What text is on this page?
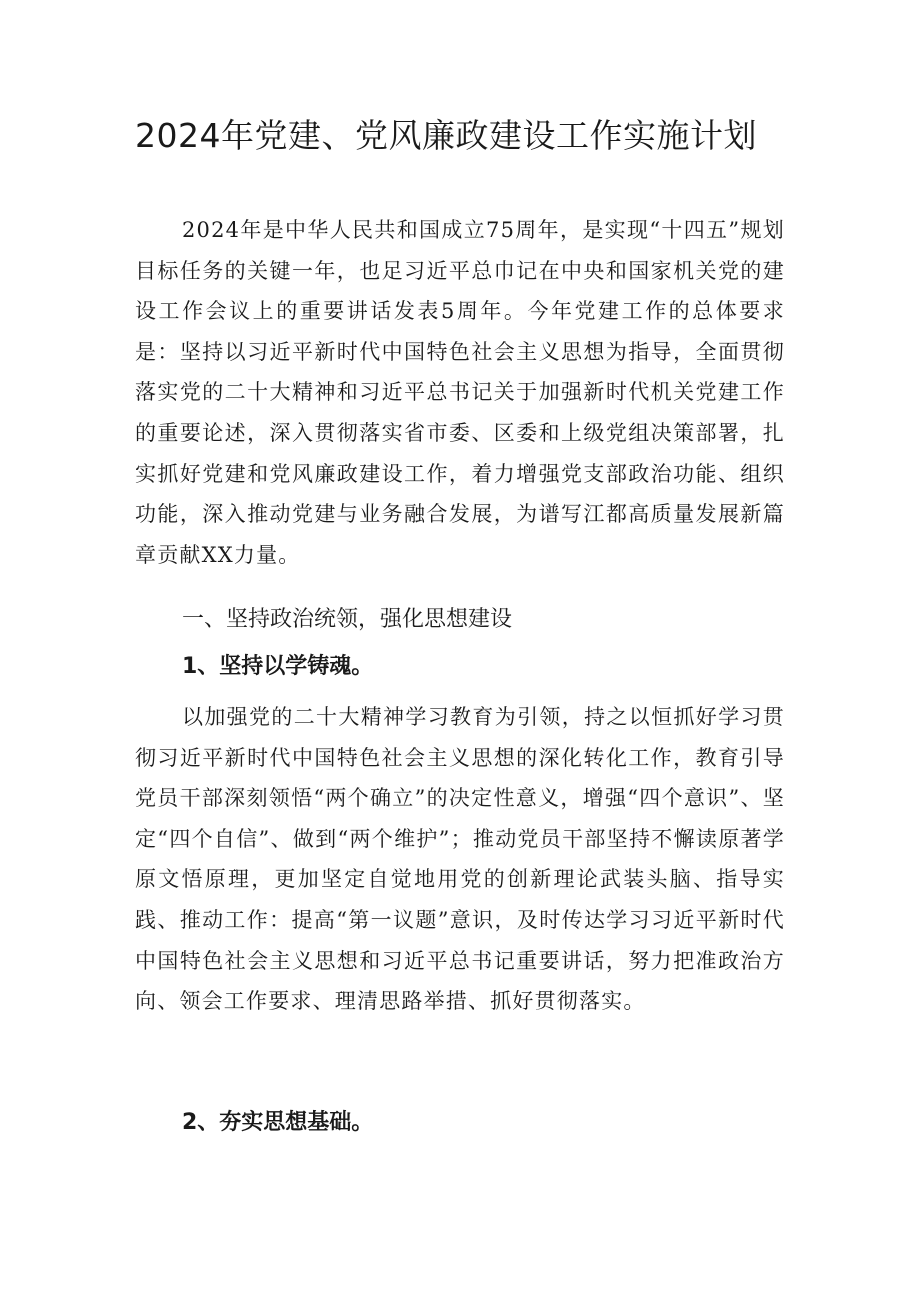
2024年党建、党风廉政建设工作实施计划

2024年是中华人民共和国成立75周年，是实现“十四五”规划目标任务的关键一年，也足习近平总巾记在中央和国家机关党的建设工作会议上的重要讲话发表5周年。今年党建工作的总体要求是：坚持以习近平新时代中国特色社会主义思想为指导，全面贯彻落实党的二十大精神和习近平总书记关于加强新时代机关党建工作的重要论述，深入贯彻落实省市委、区委和上级党组决策部署，扎实抓好党建和党风廉政建设工作，着力增强党支部政治功能、组织功能，深入推动党建与业务融合发展，为谱写江都高质量发展新篇章贡献XX力量。

一、坚持政治统领，强化思想建设
1、坚持以学铸魂。

以加强党的二十大精神学习教育为引领，持之以恒抓好学习贯彻习近平新时代中国特色社会主义思想的深化转化工作，教育引导党员干部深刻领悟“两个确立”的决定性意义，增强“四个意识”、坚定“四个自信”、做到“两个维护”；推动党员干部坚持不懈读原著学原文悟原理，更加坚定自觉地用党的创新理论武装头脑、指导实践、推动工作：提高“第一议题”意识，及时传达学习习近平新时代中国特色社会主义思想和习近平总书记重要讲话，努力把准政治方向、领会工作要求、理清思路举措、抓好贯彻落实。

2、夯实思想基础。
